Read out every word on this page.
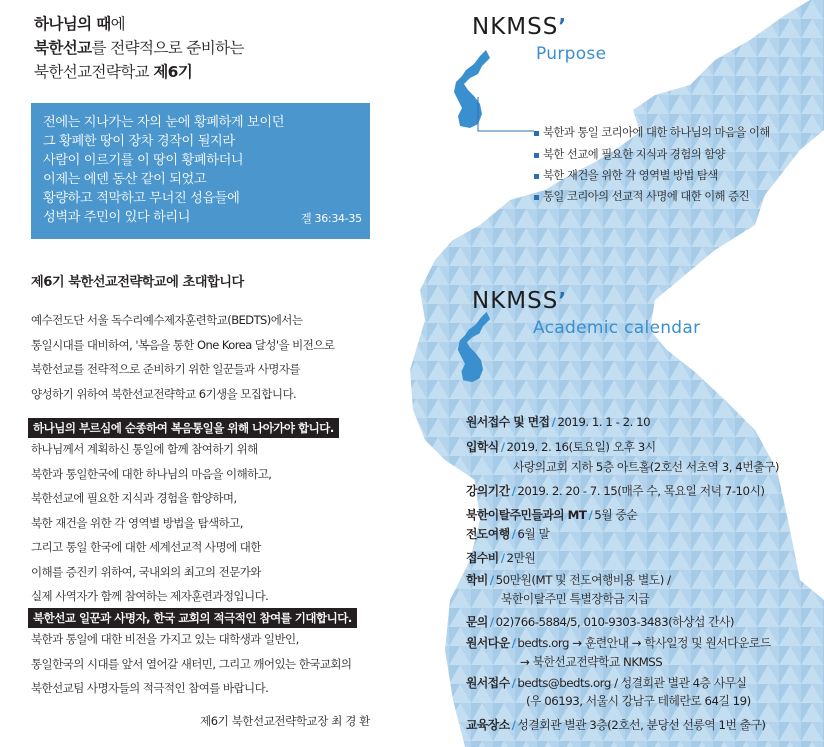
하나님의 때에
북한선교를 전략적으로 준비하는
북한선교전략학교 제6기
전에는 지나가는 자의 눈에 황폐하게 보이던
그 황폐한 땅이 장차 경작이 될지라
사람이 이르기를 이 땅이 황폐하더니
이제는 에덴 동산 같이 되었고
황량하고 적막하고 무너진 성읍들에
성벽과 주민이 있다 하리니	겔 36:34-35
제6기 북한선교전략학교에 초대합니다
예수전도단 서울 독수리예수제자훈련학교(BEDTS)에서는
통일시대를 대비하여, '복음을 통한 One Korea 달성'을 비전으로
북한선교를 전략적으로 준비하기 위한 일꾼들과 사명자를
양성하기 위하여 북한선교전략학교 6기생을 모집합니다.
하나님의 부르심에 순종하여 복음통일을 위해 나아가야 합니다.
하나님께서 계획하신 통일에 함께 참여하기 위해
북한과 통일한국에 대한 하나님의 마음을 이해하고,
북한선교에 필요한 지식과 경험을 함양하며,
북한 재건을 위한 각 영역별 방법을 탐색하고,
그리고 통일 한국에 대한 세계선교적 사명에 대한
이해를 증진키 위하여, 국내외의 최고의 전문가와
실제 사역자가 함께 참여하는 제자훈련과정입니다.
북한선교 일꾼과 사명자, 한국 교회의 적극적인 참여를 기대합니다.
북한과 통일에 대한 비전을 가지고 있는 대학생과 일반인,
통일한국의 시대를 앞서 열어갈 새터민, 그리고 깨어있는 한국교회의
북한선교팀 사명자들의 적극적인 참여를 바랍니다.
제6기 북한선교전략학교장 최 경 환
NKMSS’
Purpose
북한과 통일 코리아에 대한 하나님의 마음을 이해
북한 선교에 필요한 지식과 경험의 함양
북한 재건을 위한 각 영역별 방법 탐색
통일 코리아의 선교적 사명에 대한 이해 증진
NKMSS’
Academic calendar
원서접수 및 면접 / 2019. 1. 1 - 2. 10
입학식 / 2019. 2. 16(토요일) 오후 3시
사랑의교회 지하 5층 아트홀(2호선 서초역 3, 4번출구)
강의기간 / 2019. 2. 20 - 7. 15(매주 수, 목요일 저녁 7-10시)
북한이탈주민들과의 MT / 5월 중순
전도여행 / 6월 말
접수비 / 2만원
학비 / 50만원(MT 및 전도여행비용 별도) /
북한이탈주민 특별장학금 지급
문의 / 02)766-5884/5, 010-9303-3483(하상섭 간사)
원서다운 / bedts.org → 훈련안내 → 학사일정 및 원서다운로드
→ 북한선교전략학교 NKMSS
원서접수 / bedts@bedts.org / 성결회관 별관 4층 사무실
(우 06193, 서울시 강남구 테헤란로 64길 19)
교육장소 / 성결회관 별관 3층(2호선, 분당선 선릉역 1번 출구)
